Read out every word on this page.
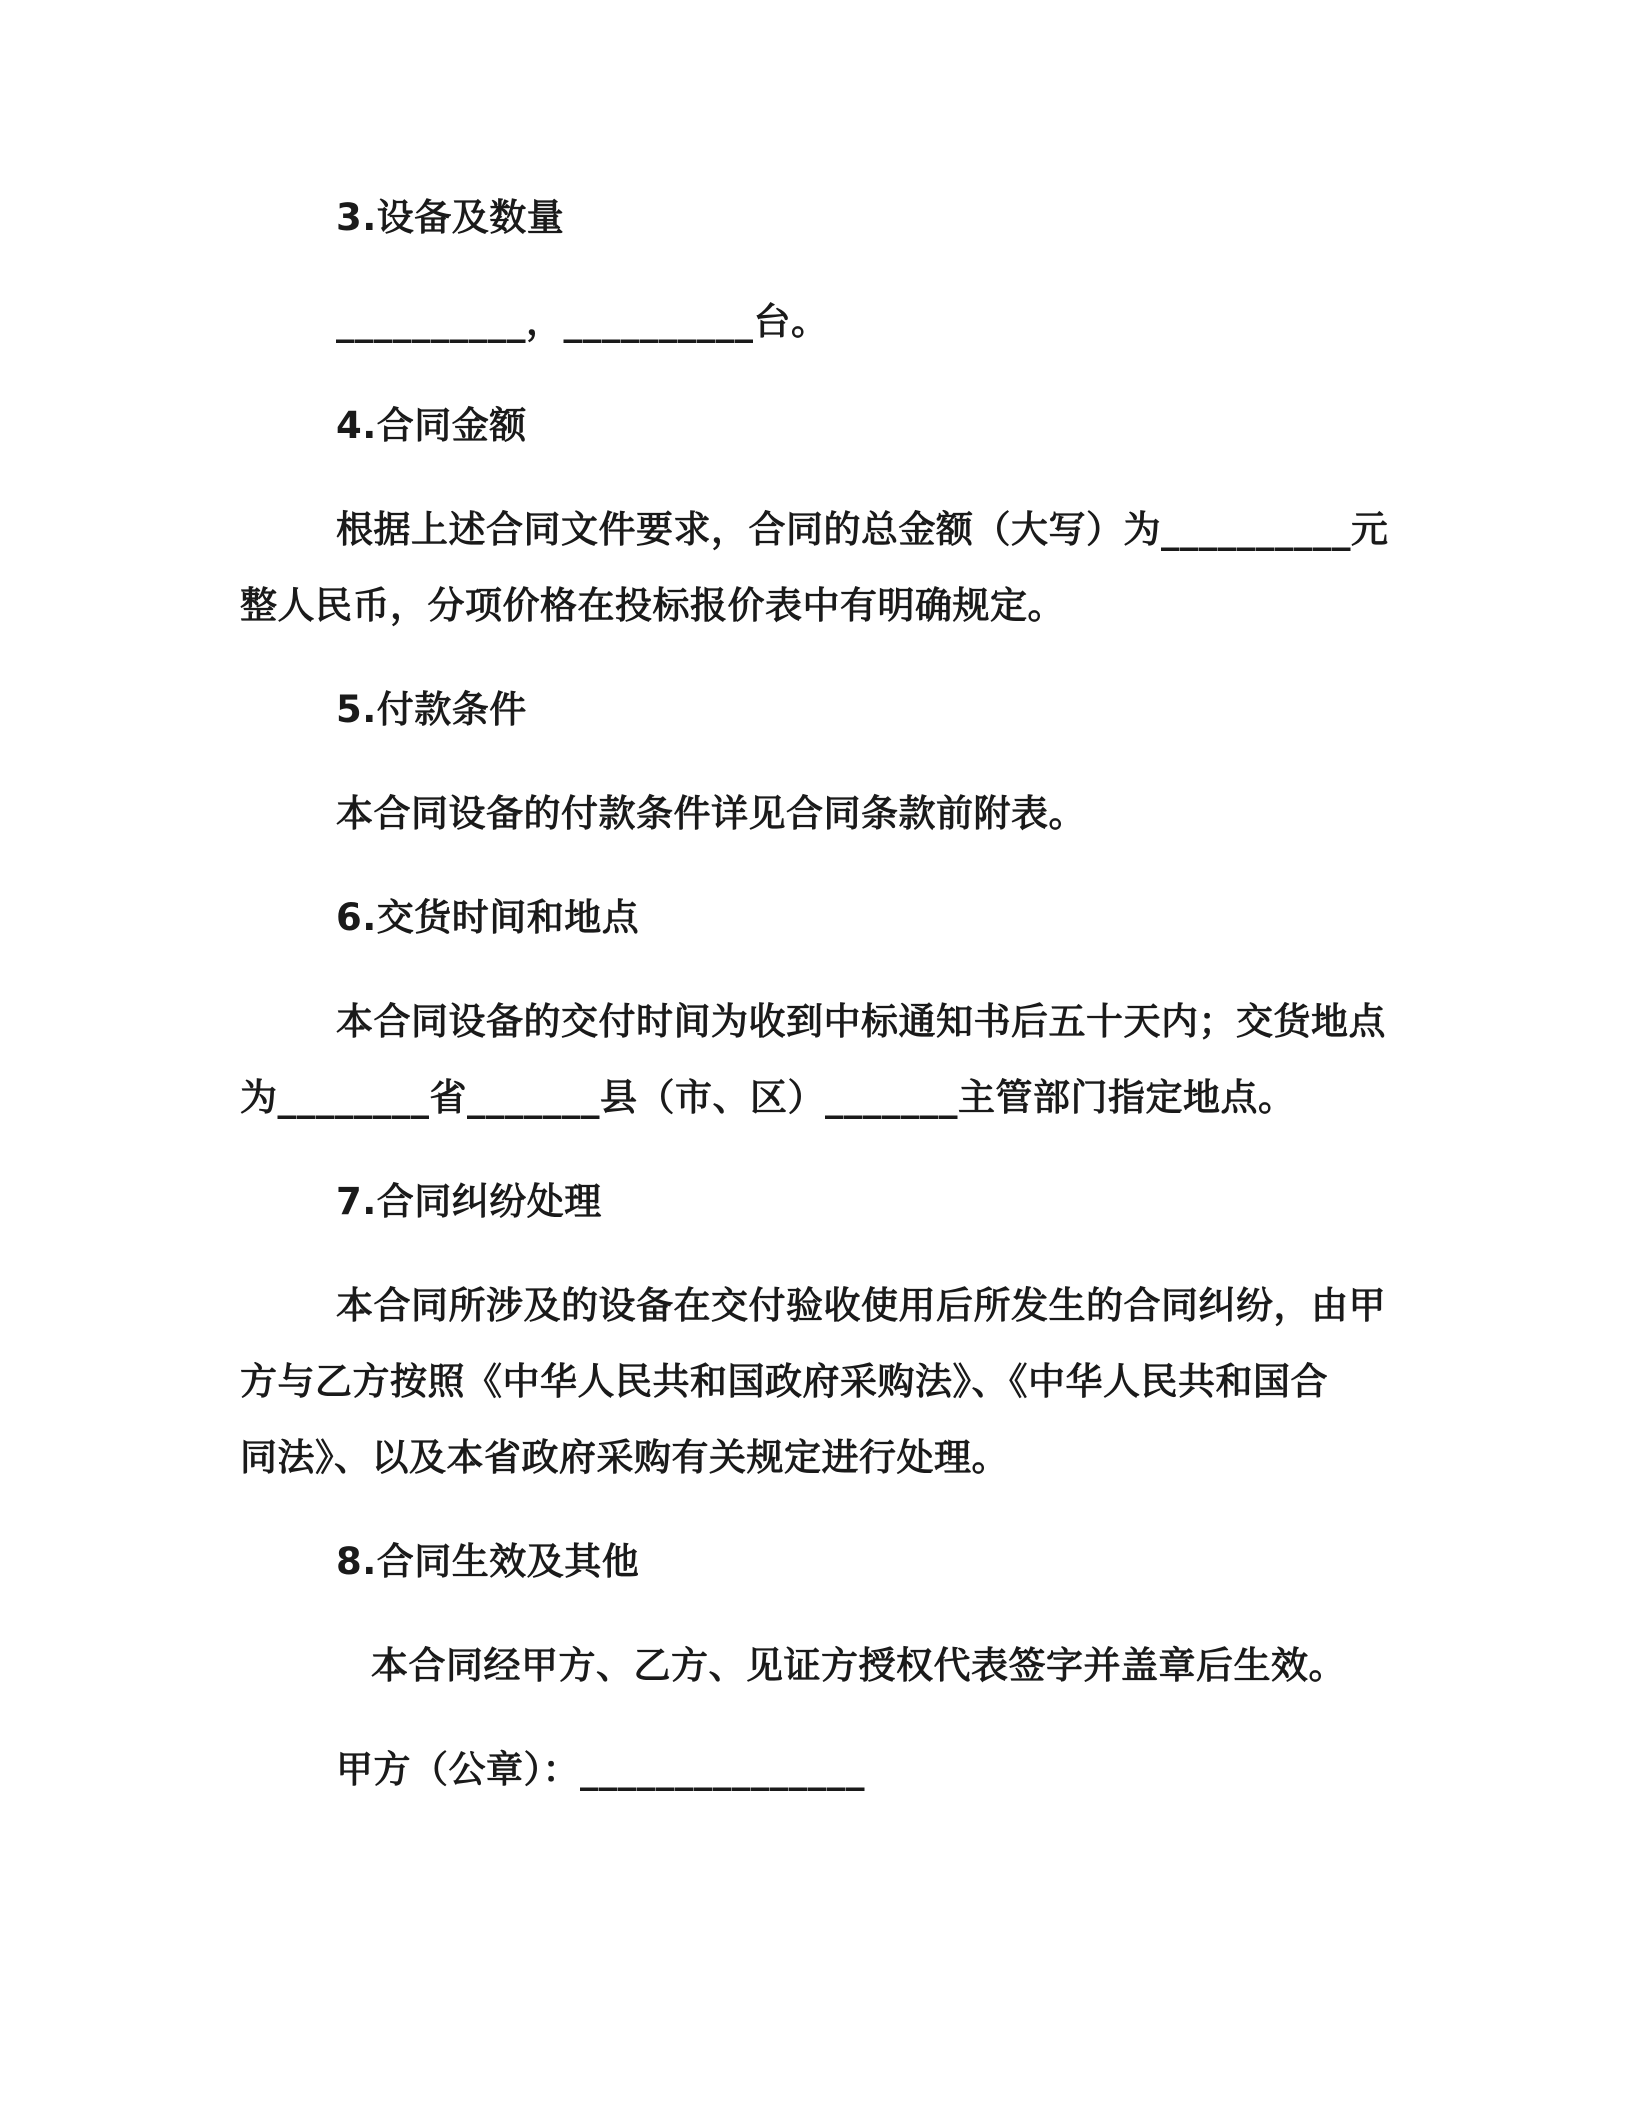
3.设备及数量
__________，__________台。
4.合同金额
根据上述合同文件要求，合同的总金额（大写）为__________元
整人民币，分项价格在投标报价表中有明确规定。
5.付款条件
本合同设备的付款条件详见合同条款前附表。
6.交货时间和地点
本合同设备的交付时间为收到中标通知书后五十天内；交货地点
为________省_______县（市、区）_______主管部门指定地点。
7.合同纠纷处理
本合同所涉及的设备在交付验收使用后所发生的合同纠纷，由甲
方与乙方按照《中华人民共和国政府采购法》、《中华人民共和国合
同法》、以及本省政府采购有关规定进行处理。
8.合同生效及其他
本合同经甲方、乙方、见证方授权代表签字并盖章后生效。
甲方（公章）：_______________
